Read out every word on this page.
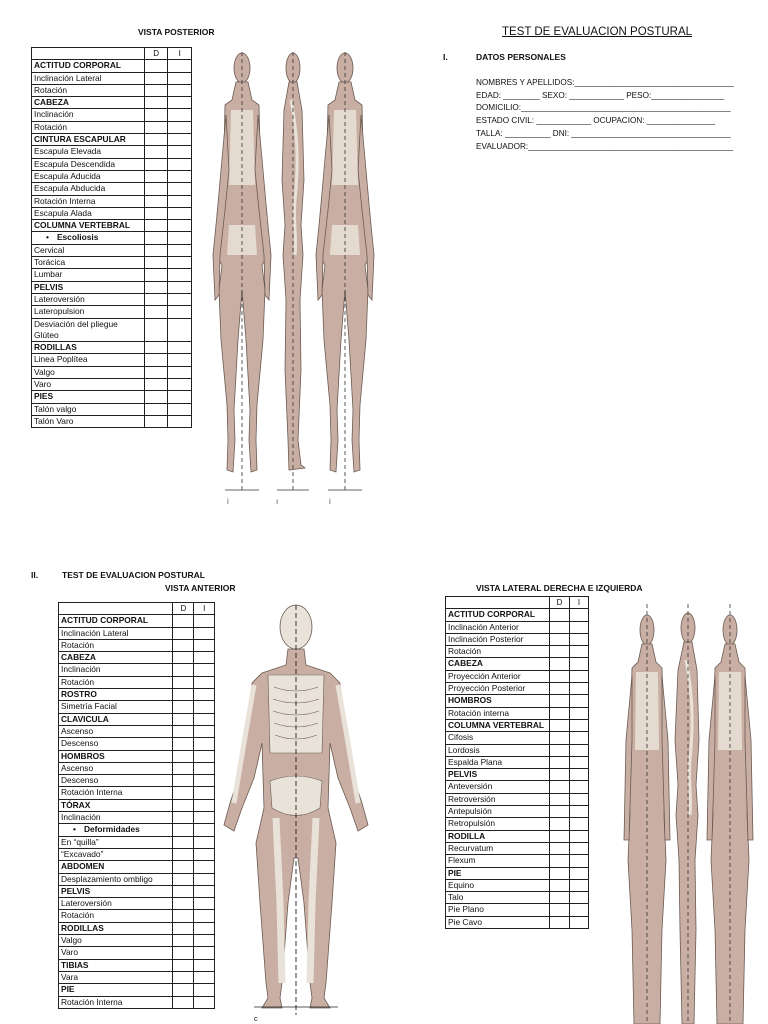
VISTA POSTERIOR
	D	I
ACTITUD CORPORAL		
Inclinación Lateral		
Rotación		
CABEZA		
Inclinación		
Rotación		
CINTURA ESCAPULAR		
Escapula Elevada		
Escapula Descendida		
Escapula Aducida		
Escapula Abducida		
Rotación Interna		
Escapula Alada		
COLUMNA VERTEBRAL		
• Escoliosis		
Cervical		
Torácica		
Lumbar		
PELVIS		
Lateroversión		
Lateropulsion		

Desviación del pliegue
Glúteo		

RODILLAS		
Linea Poplítea		
Valgo		
Varo		
PIES		
Talón valgo		
Talón Varo		
TEST DE EVALUACION POSTURAL
I.	DATOS PERSONALES
NOMBRES Y APELLIDOS:___________________________________
EDAD: ________ SEXO: ____________ PESO:________________
DOMICILIO:______________________________________________
ESTADO CIVIL: ____________ OCUPACION: _______________
TALLA: __________ DNI: ___________________________________
EVALUADOR:_____________________________________________
i	ı	i
II.	TEST DE EVALUACION POSTURAL
VISTA ANTERIOR	VISTA LATERAL DERECHA E IZQUIERDA
	D	I
ACTITUD CORPORAL		
Inclinación Lateral		
Rotación		
CABEZA		
Inclinación		
Rotación		
ROSTRO		
Simetría Facial		
CLAVICULA		
Ascenso		
Descenso		
HOMBROS		
Ascenso		
Descenso		
Rotación Interna		
TÓRAX		
Inclinación		
• Deformidades		
En “quilla”		
“Excavado”		
ABDOMEN		
Desplazamiento ombligo		
PELVIS		
Lateroversión		
Rotación		
RODILLAS		
Valgo		
Varo		
TIBIAS		
Vara		
PIE		
Rotación Interna		
	D	I
ACTITUD CORPORAL		
Inclinación Anterior		
Inclinación Posterior		
Rotación		
CABEZA		
Proyección Anterior		
Proyección Posterior		
HOMBROS		
Rotación interna		
COLUMNA VERTEBRAL		
Cifosis		
Lordosis		
Espalda Plana		
PELVIS		
Anteversión		
Retroversión		
Antepulsión		
Retropulsión		
RODILLA		
Recurvatum		
Flexum		
PIE		
Equino		
Talo		
Pie Plano		
Pie Cavo		
c
